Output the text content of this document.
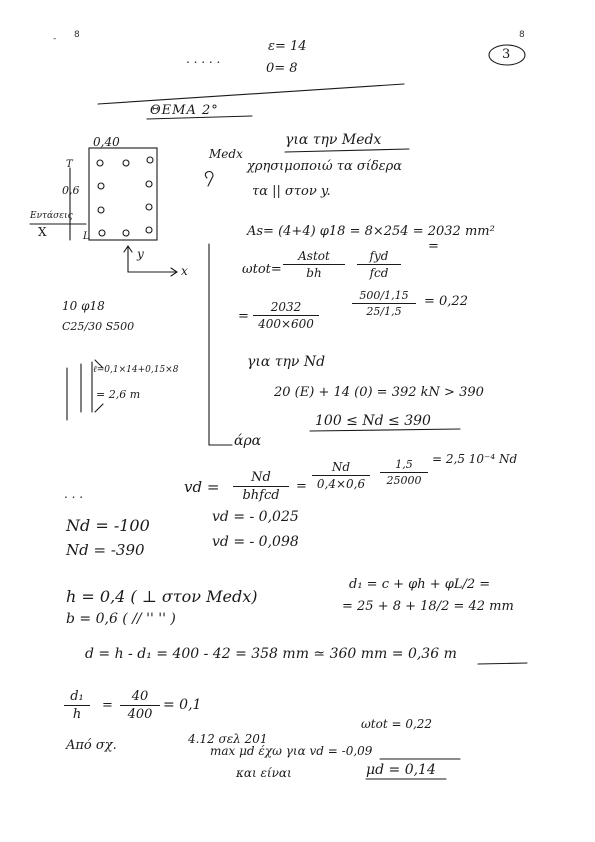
8	8
-
3
. . . . .
ε= 14
0= 8
ΘΕΜΑ 2°
0,40
T
0,6
L
Εντάσεις
X
y
x
10 φ18
C25/30 S500
ℓ=0,1×14+0,15×8
= 2,6 m
Medx
για την Medx
χρησιμοποιώ τα σίδερα
τα || στον y.
As= (4+4) φ18 = 8×254 = 2032 mm²
ωtot=
Astot
bh
fyd
fcd
=
= $\frac{2032}{400\times 600}$	$\frac{500/1,15}{25/1,5} = 0,22$
για την Nd
20 (E) + 14 (0) = 392 kN > 390
άρα
100 ≤ Nd ≤ 390
. . .	vd =
Nd
bhfcd
= $\frac{Nd}{0,4\times 0,6} \frac{1,5}{25000} = 2,5$ 10⁻⁴ Nd
Nd = -100	vd = - 0,025
Nd = -390	vd = - 0,098
h = 0,4 ( ⊥ στον Medx)
b = 0,6 ( // '' '' )
d₁ = c + φh + φL/2 =
= 25 + 8 + 18/2 = 42 mm
d = h - d₁ = 400 - 42 = 358 mm ≃ 360 mm = 0,36 m
$\frac{\text{d₁}}{h} = \frac{40}{400} = 0,1$
Από σχ.	4.12 σελ 201
ωtot = 0,22
max μd έχω για vd = -0,09
και είναι	μd = 0,14
